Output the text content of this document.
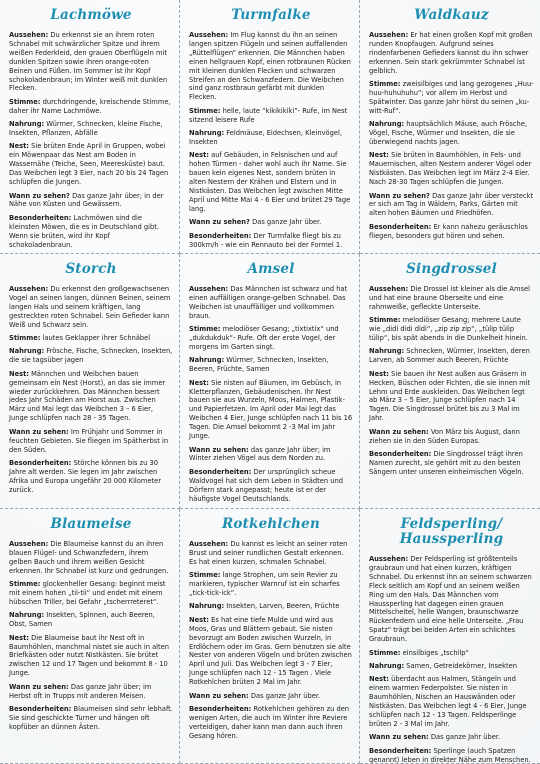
Lachmöwe

Aussehen: Du erkennst sie an ihrem roten Schnabel mit schwärzlicher Spitze und ihrem weißen Federkleid, den grauen Oberflügeln mit dunklen Spitzen sowie ihren orange-roten Beinen und Füßen. Im Sommer ist ihr Kopf schokoladenbraun; im Winter weiß mit dunklen Flecken.

Stimme: durchdringende, kreischende Stimme, daher ihr Name Lachmöwe.

Nahrung: Würmer, Schnecken, kleine Fische, Insekten, Pflanzen, Abfälle

Nest: Sie brüten Ende April in Gruppen, wobei ein Möwenpaar das Nest am Boden in Wassernähe (Teiche, Seen, Meeresküste) baut. Das Weibchen legt 3 Eier, nach 20 bis 24 Tagen schlüpfen die Jungen.

Wann zu sehen? Das ganze Jahr über; in der Nähe von Küsten und Gewässern.

Besonderheiten: Lachmöwen sind die kleinsten Möwen, die es in Deutschland gibt. Wenn sie brüten, wird ihr Kopf schokoladenbraun.

Turmfalke

Aussehen: Im Flug kannst du ihn an seinen langen spitzen Flügeln und seinen auffallenden „Rüttelflügen“ erkennen. Die Männchen haben einen hellgrauen Kopf, einen rotbraunen Rücken mit kleinen dunklen Flecken und schwarzen Streifen an den Schwanzfedern. Die Weibchen sind ganz rostbraun gefärbt mit dunklen Flecken.

Stimme: helle, laute “kikikikiki”- Rufe, im Nest sitzend leisere Rufe

Nahrung: Feldmäuse, Eidechsen, Kleinvögel, Insekten

Nest: auf Gebäuden, in Felsnischen und auf hohen Türmen - daher wohl auch ihr Name. Sie bauen kein eigenes Nest, sondern brüten in alten Nestern der Krähen und Elstern und in Nistkästen. Das Weibchen legt zwischen Mitte April und Mitte Mai 4 - 6 Eier und brütet 29 Tage lang.

Wann zu sehen? Das ganze Jahr über.

Besonderheiten: Der Turmfalke fliegt bis zu 300km/h - wie ein Rennauto bei der Formel 1.

Waldkauz

Aussehen: Er hat einen großen Kopf mit großen runden Knopfaugen. Aufgrund seines rindenfarbenen Gefieders kannst du ihn schwer erkennen. Sein stark gekrümmter Schnabel ist gelblich.

Stimme: zweisilbiges und lang gezogenes „Huu-huu-huhuhuhu“; vor allem im Herbst und Spätwinter. Das ganze Jahr hörst du seinen „ku-witt-Ruf“.

Nahrung: hauptsächlich Mäuse, auch Frösche, Vögel, Fische, Würmer und Insekten, die sie überwiegend nachts jagen.

Nest: Sie brüten in Baumhöhlen, in Fels- und Mauernischen, alten Nestern anderer Vögel oder Nistkästen. Das Weibchen legt im März 2-4 Eier. Nach 28-30 Tagen schlüpfen die Jungen.

Wann zu sehen? Das ganze Jahr über versteckt er sich am Tag in Wäldern, Parks, Gärten mit alten hohen Bäumen und Friedhöfen.

Besonderheiten: Er kann nahezu geräuschlos fliegen, besonders gut hören und sehen.

Storch

Aussehen: Du erkennst den großgewachsenen Vogel an seinen langen, dünnen Beinen, seinem langen Hals und seinem kräftigen, lang gestreckten roten Schnabel. Sein Gefieder kann Weiß und Schwarz sein.

Stimme: lautes Geklapper ihrer Schnäbel

Nahrung: Frösche, Fische, Schnecken, Insekten, die sie tagsüber jagen

Nest: Männchen und Weibchen bauen gemeinsam ein Nest (Horst), an das sie immer wieder zurückkehren. Das Männchen bessert jedes Jahr Schäden am Horst aus. Zwischen März und Mai legt das Weibchen 3 – 6 Eier, Junge schlüpfen nach 28 - 35 Tagen.

Wann zu sehen: Im Frühjahr und Sommer in feuchten Gebieten. Sie fliegen im Spätherbst in den Süden.

Besonderheiten: Störche können bis zu 30 Jahre alt werden. Sie legen im Jahr zwischen Afrika und Europa ungefähr 20 000 Kilometer zurück.

Amsel

Aussehen: Das Männchen ist schwarz und hat einen auffälligen orange-gelben Schnabel. Das Weibchen ist unauffälliger und vollkommen braun.

Stimme: melodiöser Gesang; „tixtixtix“ und „dukdukduk“- Rufe. Oft der erste Vogel, der morgens im Garten singt.

Nahrung: Würmer, Schnecken, Insekten, Beeren, Früchte, Samen

Nest: Sie nisten auf Bäumen, im Gebüsch, in Kletterpflanzen, Gebäudenischen. Ihr Nest bauen sie aus Wurzeln, Moos, Halmen, Plastik- und Papierfetzen. Im April oder Mai legt das Weibchen 4 Eier, Junge schlüpfen nach 11 bis 16 Tagen. Die Amsel bekommt 2 -3 Mal im Jahr Junge.

Wann zu sehen: das ganze Jahr über; im Winter ziehen Vögel aus dem Norden zu.

Besonderheiten: Der ursprünglich scheue Waldvogel hat sich dem Leben in Städten und Dörfern stark angepasst; heute ist er der häufigste Vogel Deutschlands.

Singdrossel

Aussehen: Die Drossel ist kleiner als die Amsel und hat eine braune Oberseite und eine rahmweiße, gefleckte Unterseite.

Stimme: melodiöser Gesang; mehrere Laute wie „didi didi didi“, „zip zip zip“, „tülip tülip tülip“, bis spät abends in die Dunkelheit hinein.

Nahrung: Schnecken, Würmer, Insekten, deren Larven, ab Sommer auch Beeren, Früchte

Nest: Sie bauen ihr Nest außen aus Gräsern in Hecken, Büschen oder Fichten, die sie innen mit Lehm und Erde auskleiden. Das Weibchen legt ab März 3 – 5 Eier, Junge schlüpfen nach 14 Tagen. Die Singdrossel brütet bis zu 3 Mal im Jahr.

Wann zu sehen: Von März bis August, dann ziehen sie in den Süden Europas.

Besonderheiten: Die Singdrossel trägt ihren Namen zurecht, sie gehört mit zu den besten Sängern unter unseren einheimischen Vögeln.

Blaumeise

Aussehen: Die Blaumeise kannst du an ihren blauen Flügel- und Schwanzfedern, ihrem gelben Bauch und ihrem weißen Gesicht erkennen. Ihr Schnabel ist kurz und gedrungen.

Stimme: glockenheller Gesang: beginnt meist mit einem hohen „tii-tii“ und endet mit einem hübschen Triller, bei Gefahr „tscherrreteret“.

Nahrung: Insekten, Spinnen, auch Beeren, Obst, Samen

Nest: Die Blaumeise baut ihr Nest oft in Baumhöhlen, manchmal nistet sie auch in alten Briefkästen oder nutzt Nistkästen. Sie brütet zwischen 12 und 17 Tagen und bekommt 8 - 10 Junge.

Wann zu sehen: Das ganze Jahr über; im Herbst oft in Trupps mit anderen Meisen.

Besonderheiten: Blaumeisen sind sehr lebhaft. Sie sind geschickte Turner und hängen oft kopfüber an dünnen Ästen.

Rotkehlchen

Aussehen: Du kannst es leicht an seiner roten Brust und seiner rundlichen Gestalt erkennen. Es hat einen kurzen, schmalen Schnabel.

Stimme: lange Strophen, um sein Revier zu markieren, typischer Warnruf ist ein scharfes „tick-tick-ick“.

Nahrung: Insekten, Larven, Beeren, Früchte

Nest: Es hat eine tiefe Mulde und wird aus Moos, Gras und Blättern gebaut. Sie nisten bevorzugt am Boden zwischen Wurzeln, in Erdlöchern oder im Gras. Gern benutzen sie alte Nester von anderen Vögeln und brüten zwischen April und Juli. Das Weibchen legt 3 - 7 Eier, Junge schlüpfen nach 12 - 15 Tagen . Viele Rotkehlchen brüten 2 Mal im Jahr.

Wann zu sehen: Das ganze Jahr über.

Besonderheiten: Rotkehlchen gehören zu den wenigen Arten, die auch im Winter ihre Reviere verteidigen, daher kann man dann auch ihren Gesang hören.

Feldsperling/ Haussperling

Aussehen: Der Feldsperling ist größtenteils graubraun und hat einen kurzen, kräftigen Schnabel. Du erkennst ihn an seinem schwarzen Fleck seitlich am Kopf und an seinem weißen Ring um den Hals. Das Männchen vom Haussperling hat dagegen einen grauen Mittelscheitel, helle Wangen, braunschwarze Rückenfedern und eine helle Unterseite. „Frau Spatz“ trägt bei beiden Arten ein schlichtes Graubraun.

Stimme: einsilbiges „tschilp“

Nahrung: Samen, Getreidekörner, Insekten

Nest: überdacht aus Halmen, Stängeln und einem warmen Federpolster. Sie nisten in Baumhöhlen, Nischen an Hauswänden oder Nistkästen. Das Weibchen legt 4 - 6 Eier, Junge schlüpfen nach 12 - 13 Tagen. Feldsperlinge brüten 2 - 3 Mal im Jahr.

Wann zu sehen: Das ganze Jahr über.

Besonderheiten: Sperlinge (auch Spatzen genannt) leben in direkter Nähe zum Menschen.
